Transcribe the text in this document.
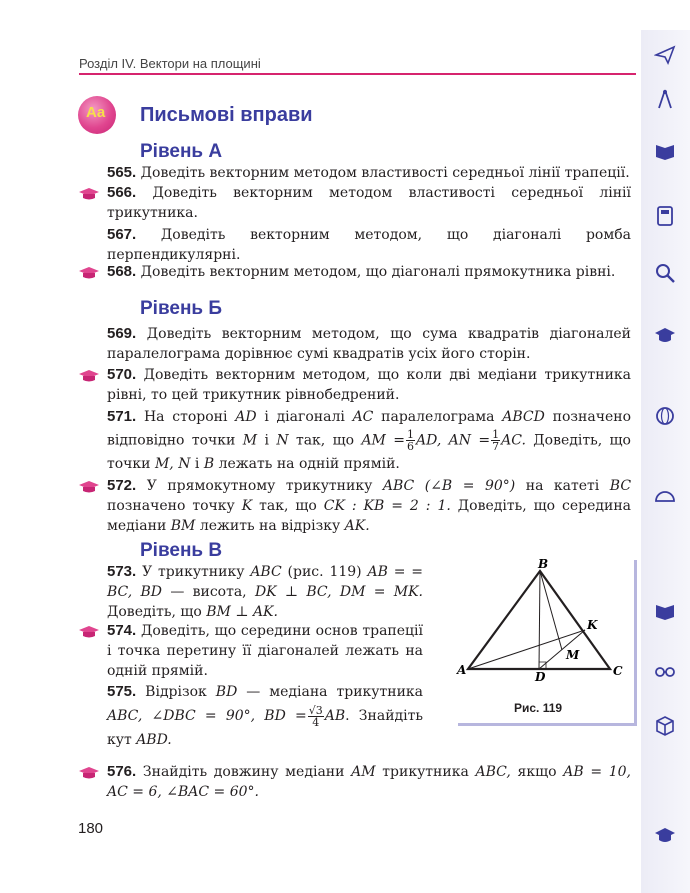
Розділ IV. Вектори на площині
Aa Письмові вправи
Рівень А
565. Доведіть векторним методом властивості середньої лінії трапеції.
566. Доведіть векторним методом властивості середньої лінії трикутника.
567. Доведіть векторним методом, що діагоналі ромба перпендикулярні.
568. Доведіть векторним методом, що діагоналі прямокутника рівні.
Рівень Б
569. Доведіть векторним методом, що сума квадратів діагоналей паралелограма дорівнює сумі квадратів усіх його сторін.
570. Доведіть векторним методом, що коли дві медіани трикутника рівні, то цей трикутник рівнобедрений.
571. На стороні AD і діагоналі AC паралелограма ABCD позначено відповідно точки M і N так, що AM = $\frac{1}{6}$ AD, AN = $\frac{1}{7}$ AC. Доведіть, що точки M, N і B лежать на одній прямій.
572. У прямокутному трикутнику ABC (∠B = 90°) на катеті BC позначено точку K так, що CK : KB = 2 : 1. Доведіть, що середина медіани BM лежить на відрізку AK.
Рівень В
573. У трикутнику ABC (рис. 119) AB = = BC, BD — висота, DK ⊥ BC, DM = MK. Доведіть, що BM ⊥ AK.
574. Доведіть, що середини основ трапеції і точка перетину її діагоналей лежать на одній прямій.
575. Відрізок BD — медіана трикутника ABC, ∠DBC = 90°, BD = $\frac{√3}{4}$ AB. Знайдіть кут ABD.
576. Знайдіть довжину медіани AM трикутника ABC, якщо AB = 10, AC = 6, ∠BAC = 60°.
B
A	C
D
K
M
Рис. 119
180
